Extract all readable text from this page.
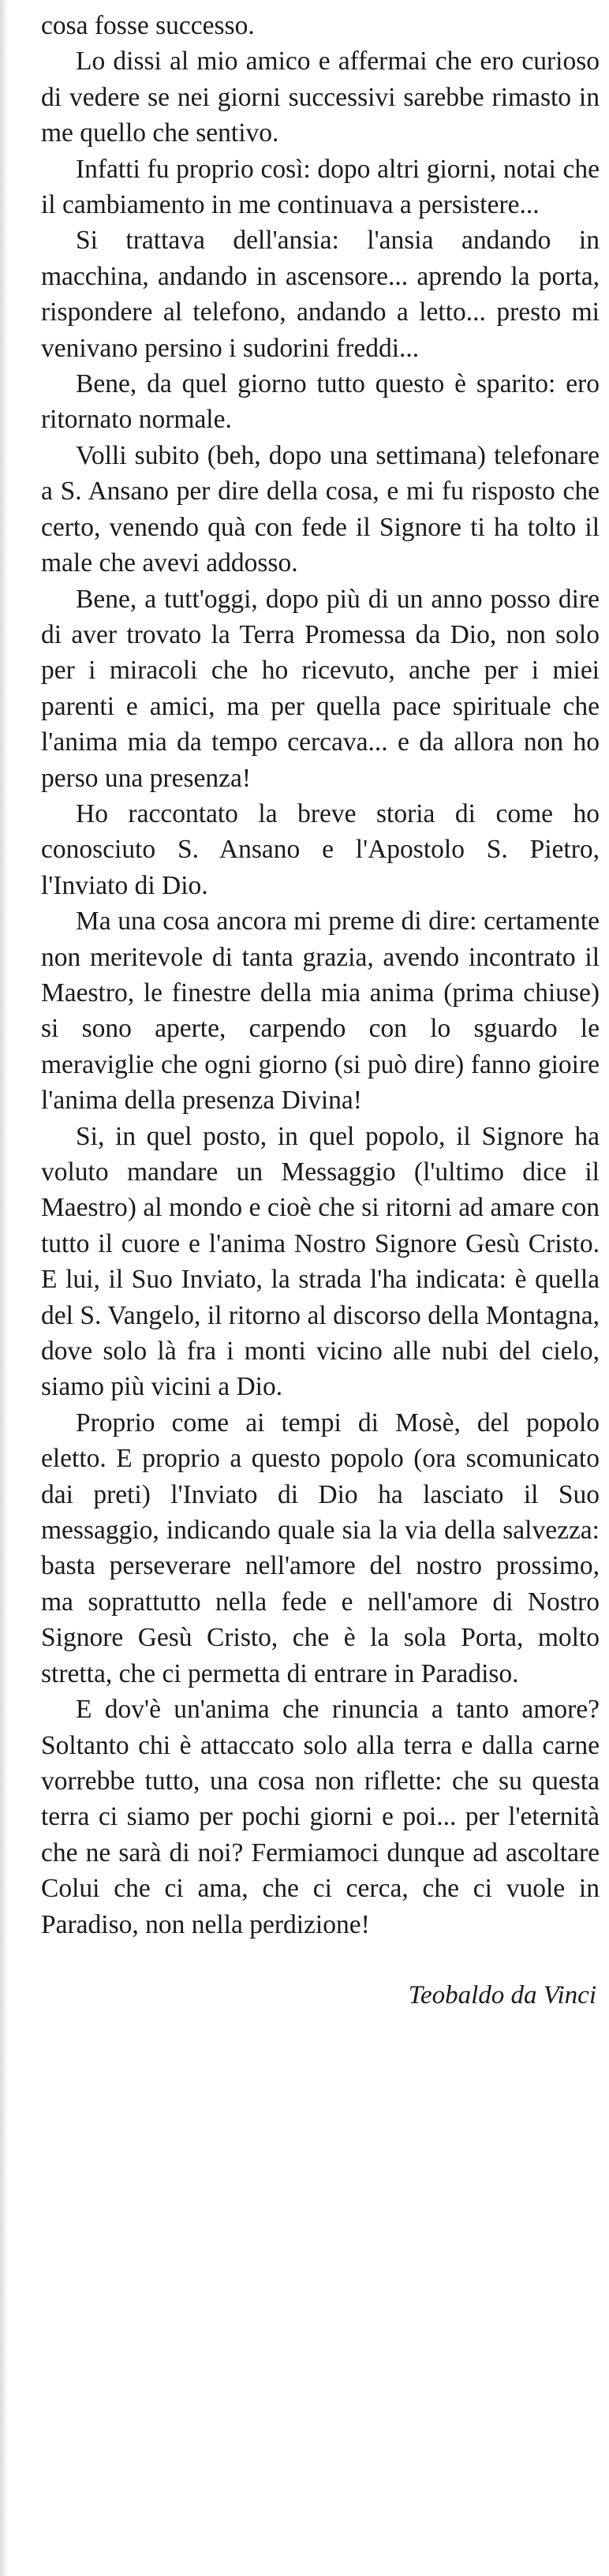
cosa fosse successo.

Lo dissi al mio amico e affermai che ero curioso di vedere se nei giorni successivi sarebbe rimasto in me quello che sentivo.

Infatti fu proprio così: dopo altri giorni, notai che il cambiamento in me continuava a persistere...

Si trattava dell'ansia: l'ansia andando in macchina, andando in ascensore... aprendo la porta, rispondere al telefono, andando a letto... presto mi venivano persino i sudorini freddi...

Bene, da quel giorno tutto questo è sparito: ero ritornato normale.

Volli subito (beh, dopo una settimana) telefonare a S. Ansano per dire della cosa, e mi fu risposto che certo, venendo quà con fede il Signore ti ha tolto il male che avevi addosso.

Bene, a tutt'oggi, dopo più di un anno posso dire di aver trovato la Terra Promessa da Dio, non solo per i miracoli che ho ricevuto, anche per i miei parenti e amici, ma per quella pace spirituale che l'anima mia da tempo cercava... e da allora non ho perso una presenza!

Ho raccontato la breve storia di come ho conosciuto S. Ansano e l'Apostolo S. Pietro, l'Inviato di Dio.

Ma una cosa ancora mi preme di dire: certamente non meritevole di tanta grazia, avendo incontrato il Maestro, le finestre della mia anima (prima chiuse) si sono aperte, carpendo con lo sguardo le meraviglie che ogni giorno (si può dire) fanno gioire l'anima della presenza Divina!

Si, in quel posto, in quel popolo, il Signore ha voluto mandare un Messaggio (l'ultimo dice il Maestro) al mondo e cioè che si ritorni ad amare con tutto il cuore e l'anima Nostro Signore Gesù Cristo. E lui, il Suo Inviato, la strada l'ha indicata: è quella del S. Vangelo, il ritorno al discorso della Montagna, dove solo là fra i monti vicino alle nubi del cielo, siamo più vicini a Dio.

Proprio come ai tempi di Mosè, del popolo eletto. E proprio a questo popolo (ora scomunicato dai preti) l'Inviato di Dio ha lasciato il Suo messaggio, indicando quale sia la via della salvezza: basta perseverare nell'amore del nostro prossimo, ma soprattutto nella fede e nell'amore di Nostro Signore Gesù Cristo, che è la sola Porta, molto stretta, che ci permetta di entrare in Paradiso.

E dov'è un'anima che rinuncia a tanto amore? Soltanto chi è attaccato solo alla terra e dalla carne vorrebbe tutto, una cosa non riflette: che su questa terra ci siamo per pochi giorni e poi... per l'eternità che ne sarà di noi? Fermiamoci dunque ad ascoltare Colui che ci ama, che ci cerca, che ci vuole in Paradiso, non nella perdizione!

Teobaldo da Vinci
